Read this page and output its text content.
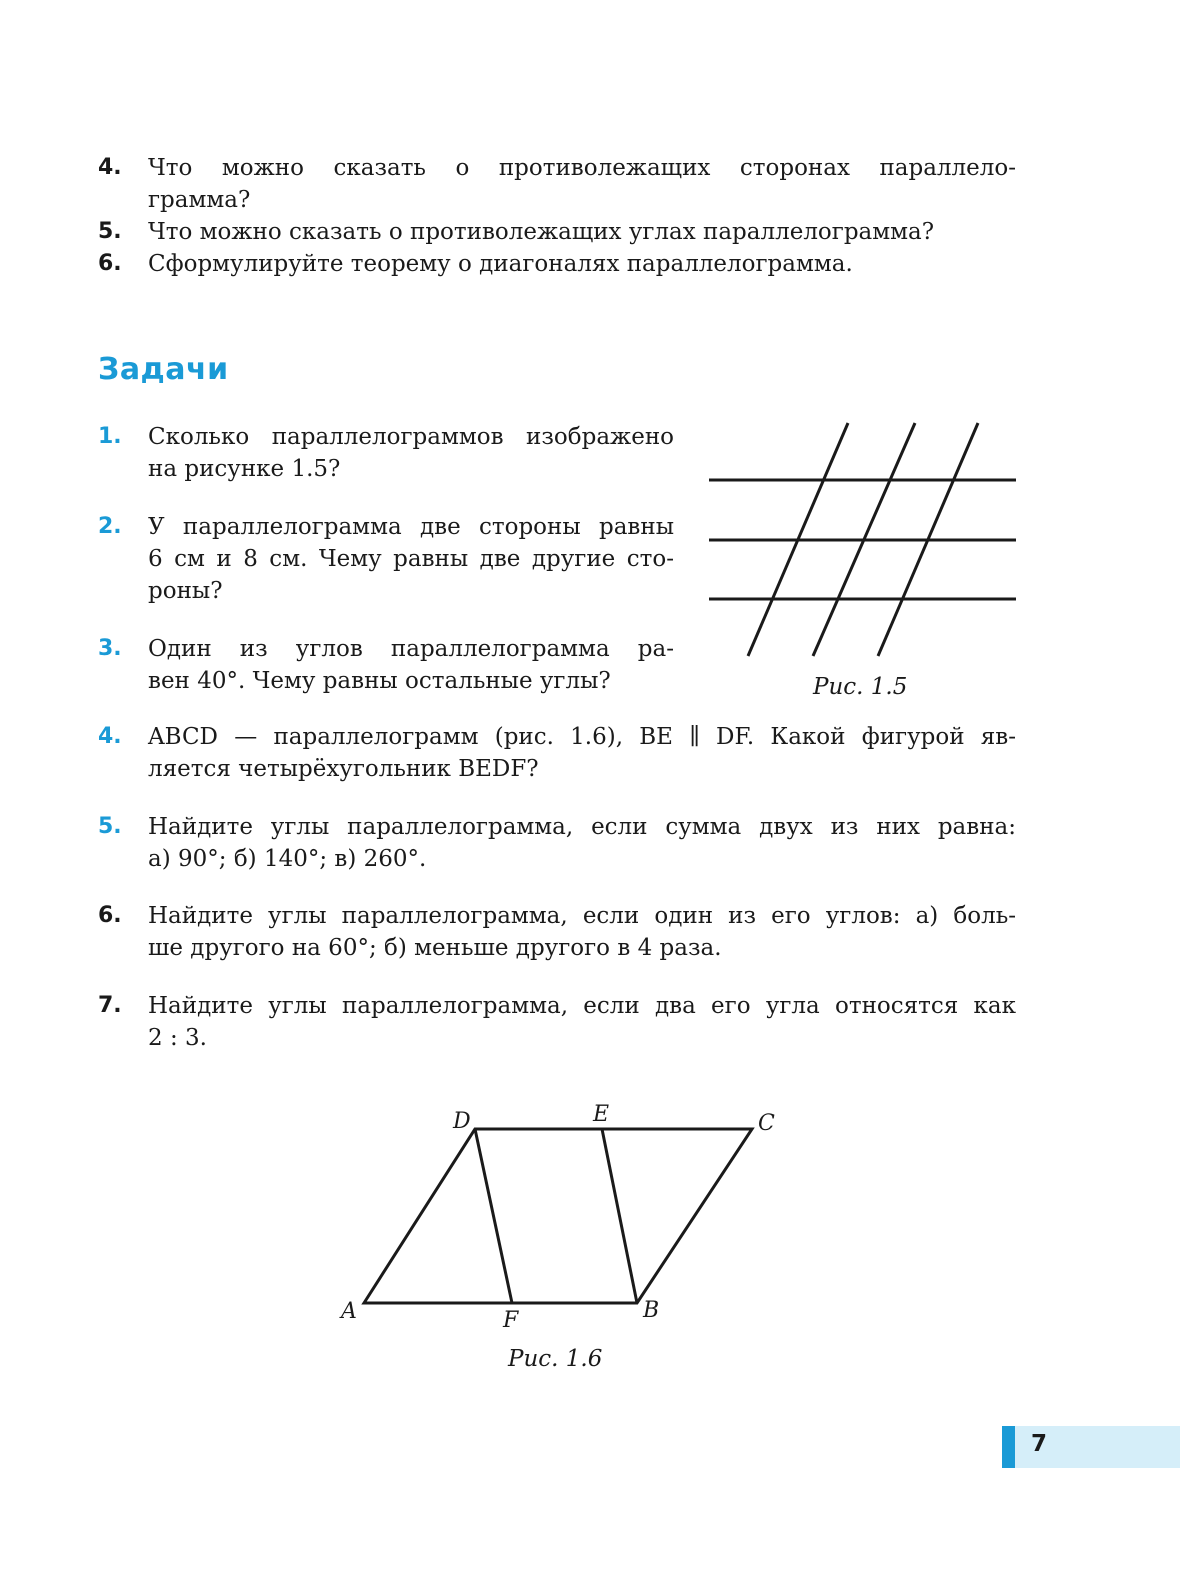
4. Что можно сказать о противолежащих сторонах параллело-
грамма?
5. Что можно сказать о противолежащих углах параллелограмма?
6. Сформулируйте теорему о диагоналях параллелограмма.
Задачи
1. Сколько параллелограммов изображено
на рисунке 1.5?
2. У параллелограмма две стороны равны
6 см и 8 см. Чему равны две другие сто-
роны?
3. Один из углов параллелограмма ра-
вен 40°. Чему равны остальные углы?	Рис. 1.5
4. ABCD — параллелограмм (рис. 1.6), BE ∥ DF. Какой фигурой яв-
ляется четырёхугольник BEDF?
5. Найдите углы параллелограмма, если сумма двух из них равна:
а) 90°; б) 140°; в) 260°.
6. Найдите углы параллелограмма, если один из его углов: а) боль-
ше другого на 60°; б) меньше другого в 4 раза.
7. Найдите углы параллелограмма, если два его угла относятся как
2 : 3.
A	B
C
D	E
F
Рис. 1.6
7
